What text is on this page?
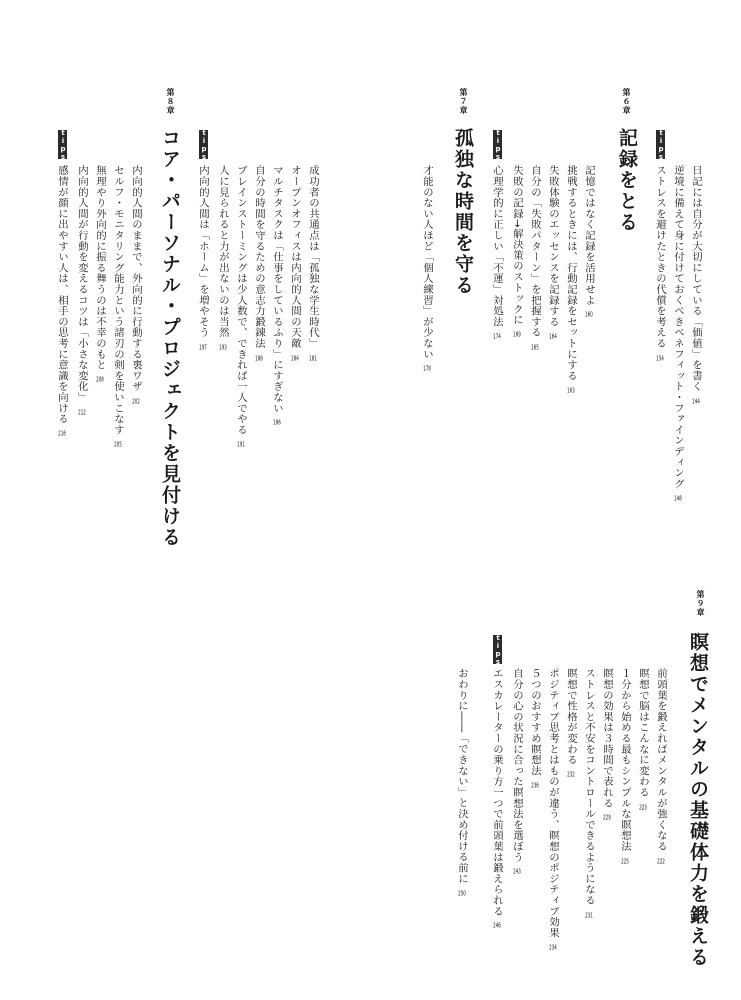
第６章
記録をとる	tips
日記には自分が大切にしている「価値」を書く144
逆境に備えて身に付けておくべきベネフィット・ファインディング148
ストレスを避けたときの代償を考える154
記憶ではなく記録を活用せよ160
挑戦するときには、行動記録をセットにする163
失敗体験のエッセンスを記録する164
自分の「失敗パターン」を把握する165
失敗の記録→解決策のストックに169
tips
心理学的に正しい「不運」対処法174
第７章
孤独な時間を守る
才能のない人ほど「個人練習」が少ない178
成功者の共通点は「孤独な学生時代」181
オープンオフィスは内向的人間の天敵184
マルチタスクは「仕事をしているふり」にすぎない186
自分の時間を守るための意志力鍛錬法188
ブレインストーミングは少人数で、できれば一人でやる191
人に見られると力が出ないのは当然193
tips
内向的人間は「ホーム」を増やそう197
第８章
コア・パーソナル・プロジェクトを見付ける
内向的人間のままで、外向的に行動する裏ワザ202
セルフ・モニタリング能力という諸刃の剣を使いこなす205
無理やり外向的に振る舞うのは不幸のもと208
内向的人間が行動を変えるコツは「小さな変化」212
tips
感情が顔に出やすい人は、相手の思考に意識を向ける216
第９章
瞑想でメンタルの基礎体力を鍛える
前頭葉を鍛えればメンタルが強くなる222
瞑想で脳はこんなに変わる223
１分から始める最もシンプルな瞑想法225
瞑想の効果は３時間で表れる229
ストレスと不安をコントロールできるようになる231
瞑想で性格が変わる232
ポジティブ思考とはものが違う、瞑想のポジティブ効果234
５つのおすすめ瞑想法236
自分の心の状況に合った瞑想法を選ぼう243
tips
エスカレーターの乗り方一つで前頭葉は鍛えられる246
おわりに――「できない」と決め付ける前に250
